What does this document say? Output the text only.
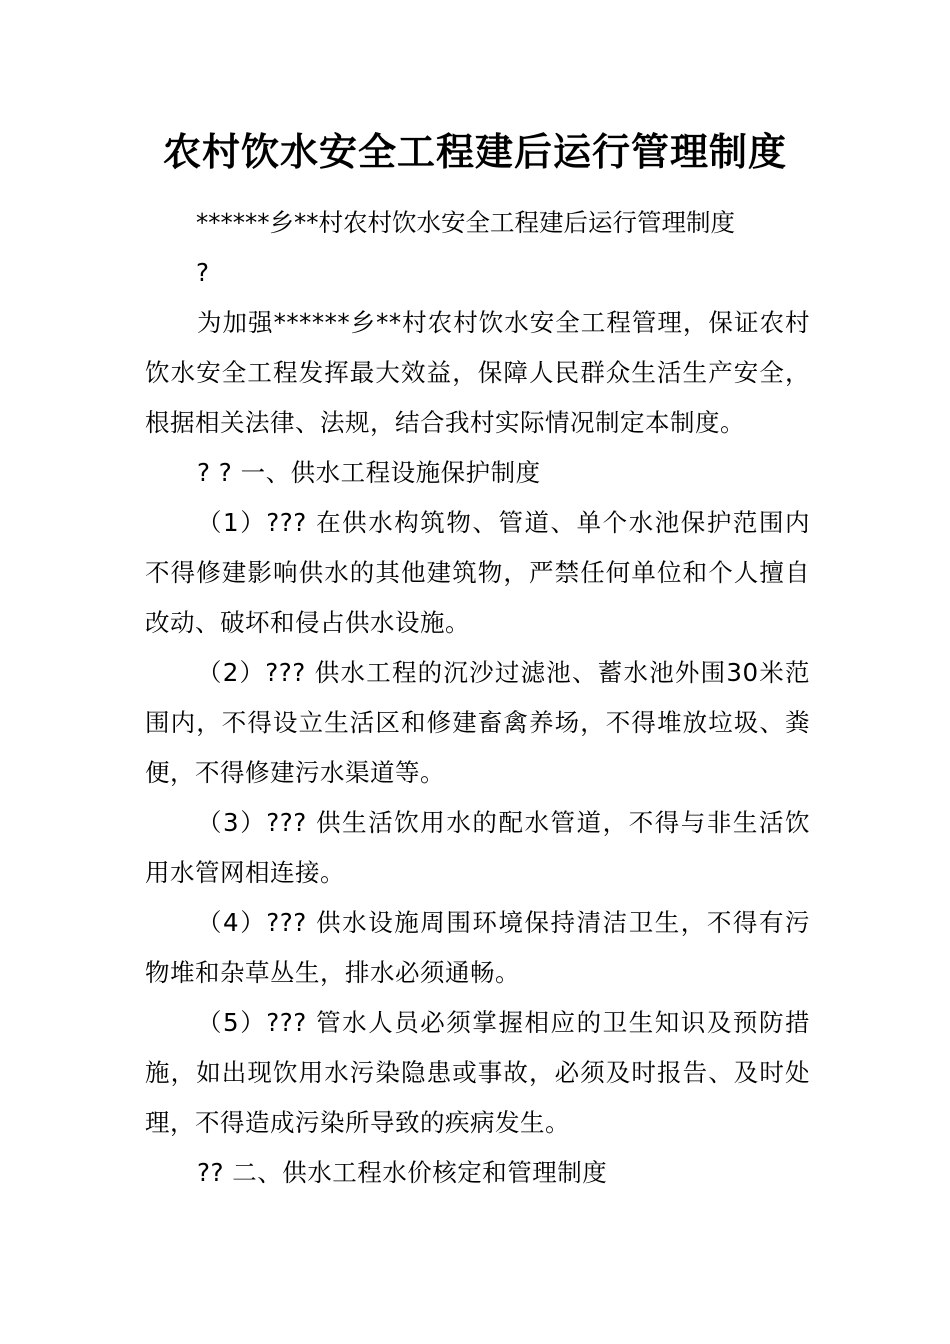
农村饮水安全工程建后运行管理制度
******乡**村农村饮水安全工程建后运行管理制度
?

为加强******乡**村农村饮水安全工程管理，保证农村饮水安全工程发挥最大效益，保障人民群众生活生产安全，根据相关法律、法规，结合我村实际情况制定本制度。

? ? 一、供水工程设施保护制度

（1）??? 在供水构筑物、管道、单个水池保护范围内不得修建影响供水的其他建筑物，严禁任何单位和个人擅自改动、破坏和侵占供水设施。

（2）??? 供水工程的沉沙过滤池、蓄水池外围30米范围内，不得设立生活区和修建畜禽养场，不得堆放垃圾、粪便，不得修建污水渠道等。

（3）??? 供生活饮用水的配水管道，不得与非生活饮用水管网相连接。

（4）??? 供水设施周围环境保持清洁卫生，不得有污物堆和杂草丛生，排水必须通畅。

（5）??? 管水人员必须掌握相应的卫生知识及预防措施，如出现饮用水污染隐患或事故，必须及时报告、及时处理，不得造成污染所导致的疾病发生。

?? 二、供水工程水价核定和管理制度
